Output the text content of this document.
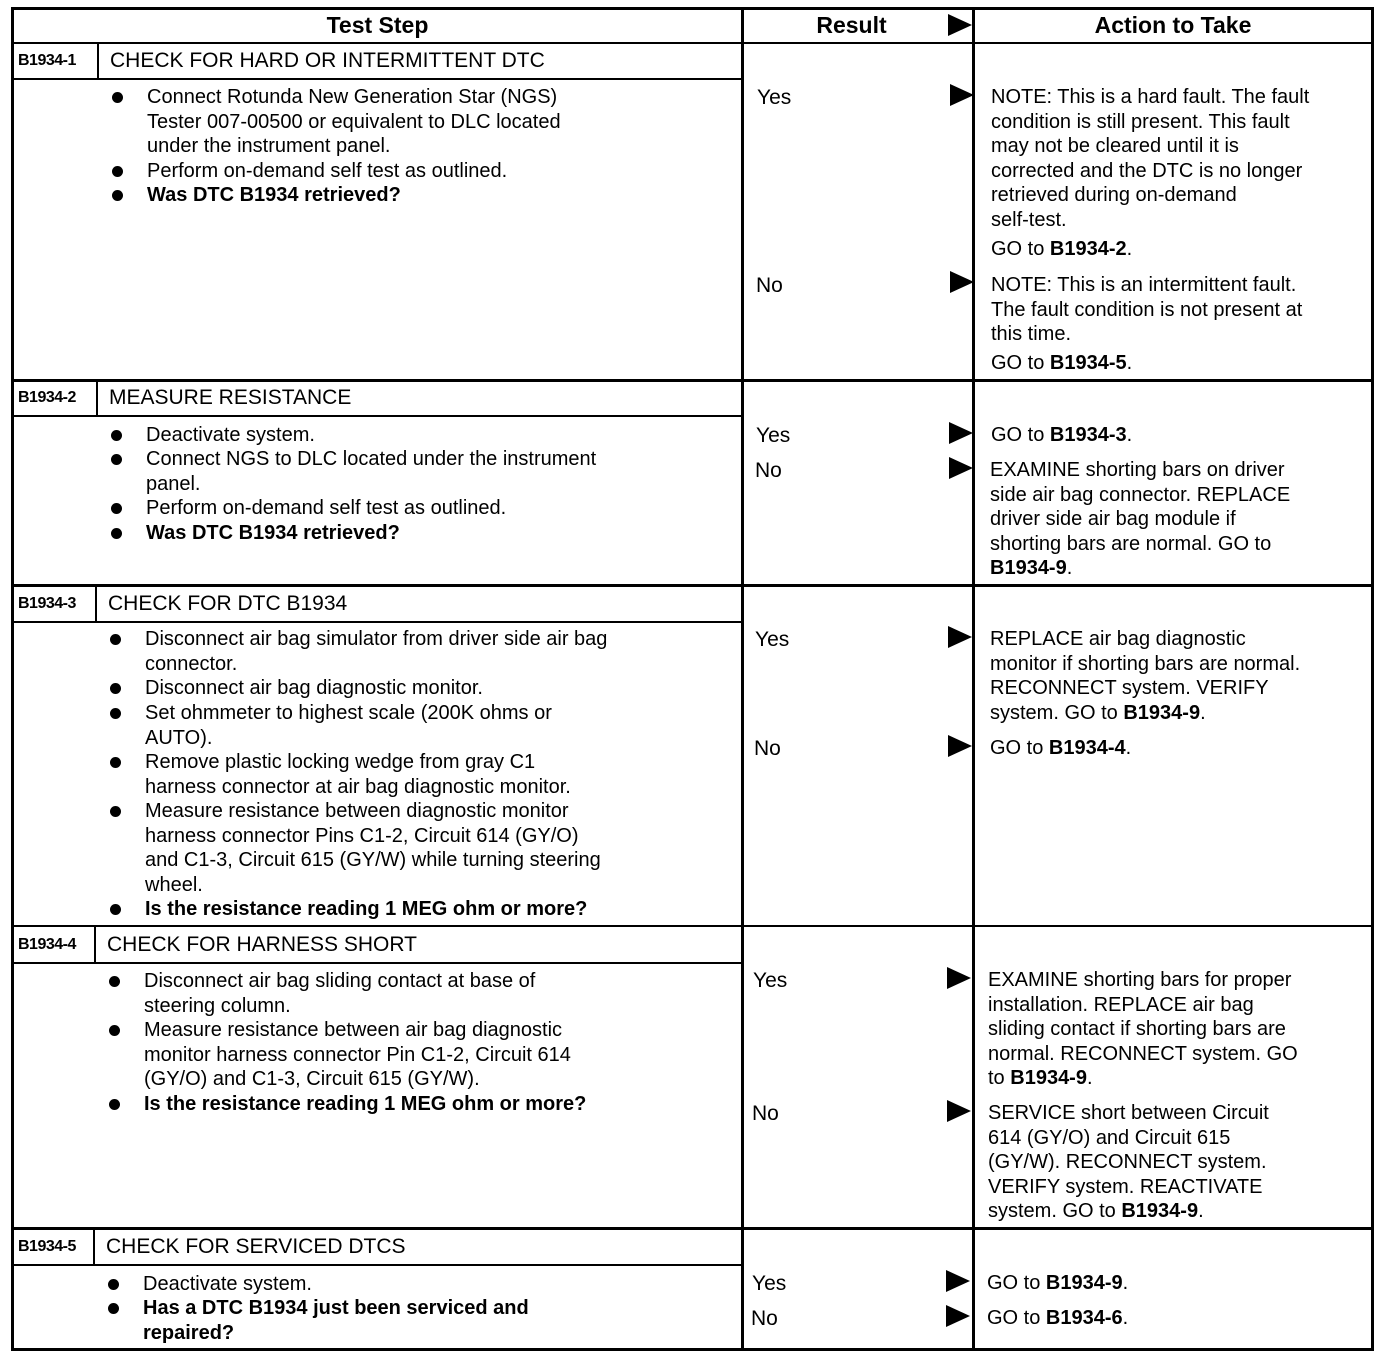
Test Step	Result	Action to Take
B1934-1 CHECK FOR HARD OR INTERMITTENT DTC
Connect Rotunda New Generation Star (NGS)
Tester 007-00500 or equivalent to DLC located
under the instrument panel.
Perform on-demand self test as outlined.
Was DTC B1934 retrieved?
Yes	NOTE: This is a hard fault. The fault
condition is still present. This fault
may not be cleared until it is
corrected and the DTC is no longer
retrieved during on-demand
self-test.
GO to B1934-2.
No	NOTE: This is an intermittent fault.
The fault condition is not present at
this time.
GO to B1934-5.
B1934-2 MEASURE RESISTANCE
Deactivate system.
Connect NGS to DLC located under the instrument
panel.
Perform on-demand self test as outlined.
Was DTC B1934 retrieved?
Yes	GO to B1934-3.
No	EXAMINE shorting bars on driver
side air bag connector. REPLACE
driver side air bag module if
shorting bars are normal. GO to
B1934-9.
B1934-3 CHECK FOR DTC B1934
Disconnect air bag simulator from driver side air bag
connector.
Disconnect air bag diagnostic monitor.
Set ohmmeter to highest scale (200K ohms or
AUTO).
Remove plastic locking wedge from gray C1
harness connector at air bag diagnostic monitor.
Measure resistance between diagnostic monitor
harness connector Pins C1-2, Circuit 614 (GY/O)
and C1-3, Circuit 615 (GY/W) while turning steering
wheel.
Is the resistance reading 1 MEG ohm or more?
Yes	REPLACE air bag diagnostic
monitor if shorting bars are normal.
RECONNECT system. VERIFY
system. GO to B1934-9.
No	GO to B1934-4.
B1934-4 CHECK FOR HARNESS SHORT
Disconnect air bag sliding contact at base of
steering column.
Measure resistance between air bag diagnostic
monitor harness connector Pin C1-2, Circuit 614
(GY/O) and C1-3, Circuit 615 (GY/W).
Is the resistance reading 1 MEG ohm or more?
Yes	EXAMINE shorting bars for proper
installation. REPLACE air bag
sliding contact if shorting bars are
normal. RECONNECT system. GO
to B1934-9.
No	SERVICE short between Circuit
614 (GY/O) and Circuit 615
(GY/W). RECONNECT system.
VERIFY system. REACTIVATE
system. GO to B1934-9.
B1934-5 CHECK FOR SERVICED DTCS
Deactivate system.
Has a DTC B1934 just been serviced and
repaired?
Yes	GO to B1934-9.
No	GO to B1934-6.
